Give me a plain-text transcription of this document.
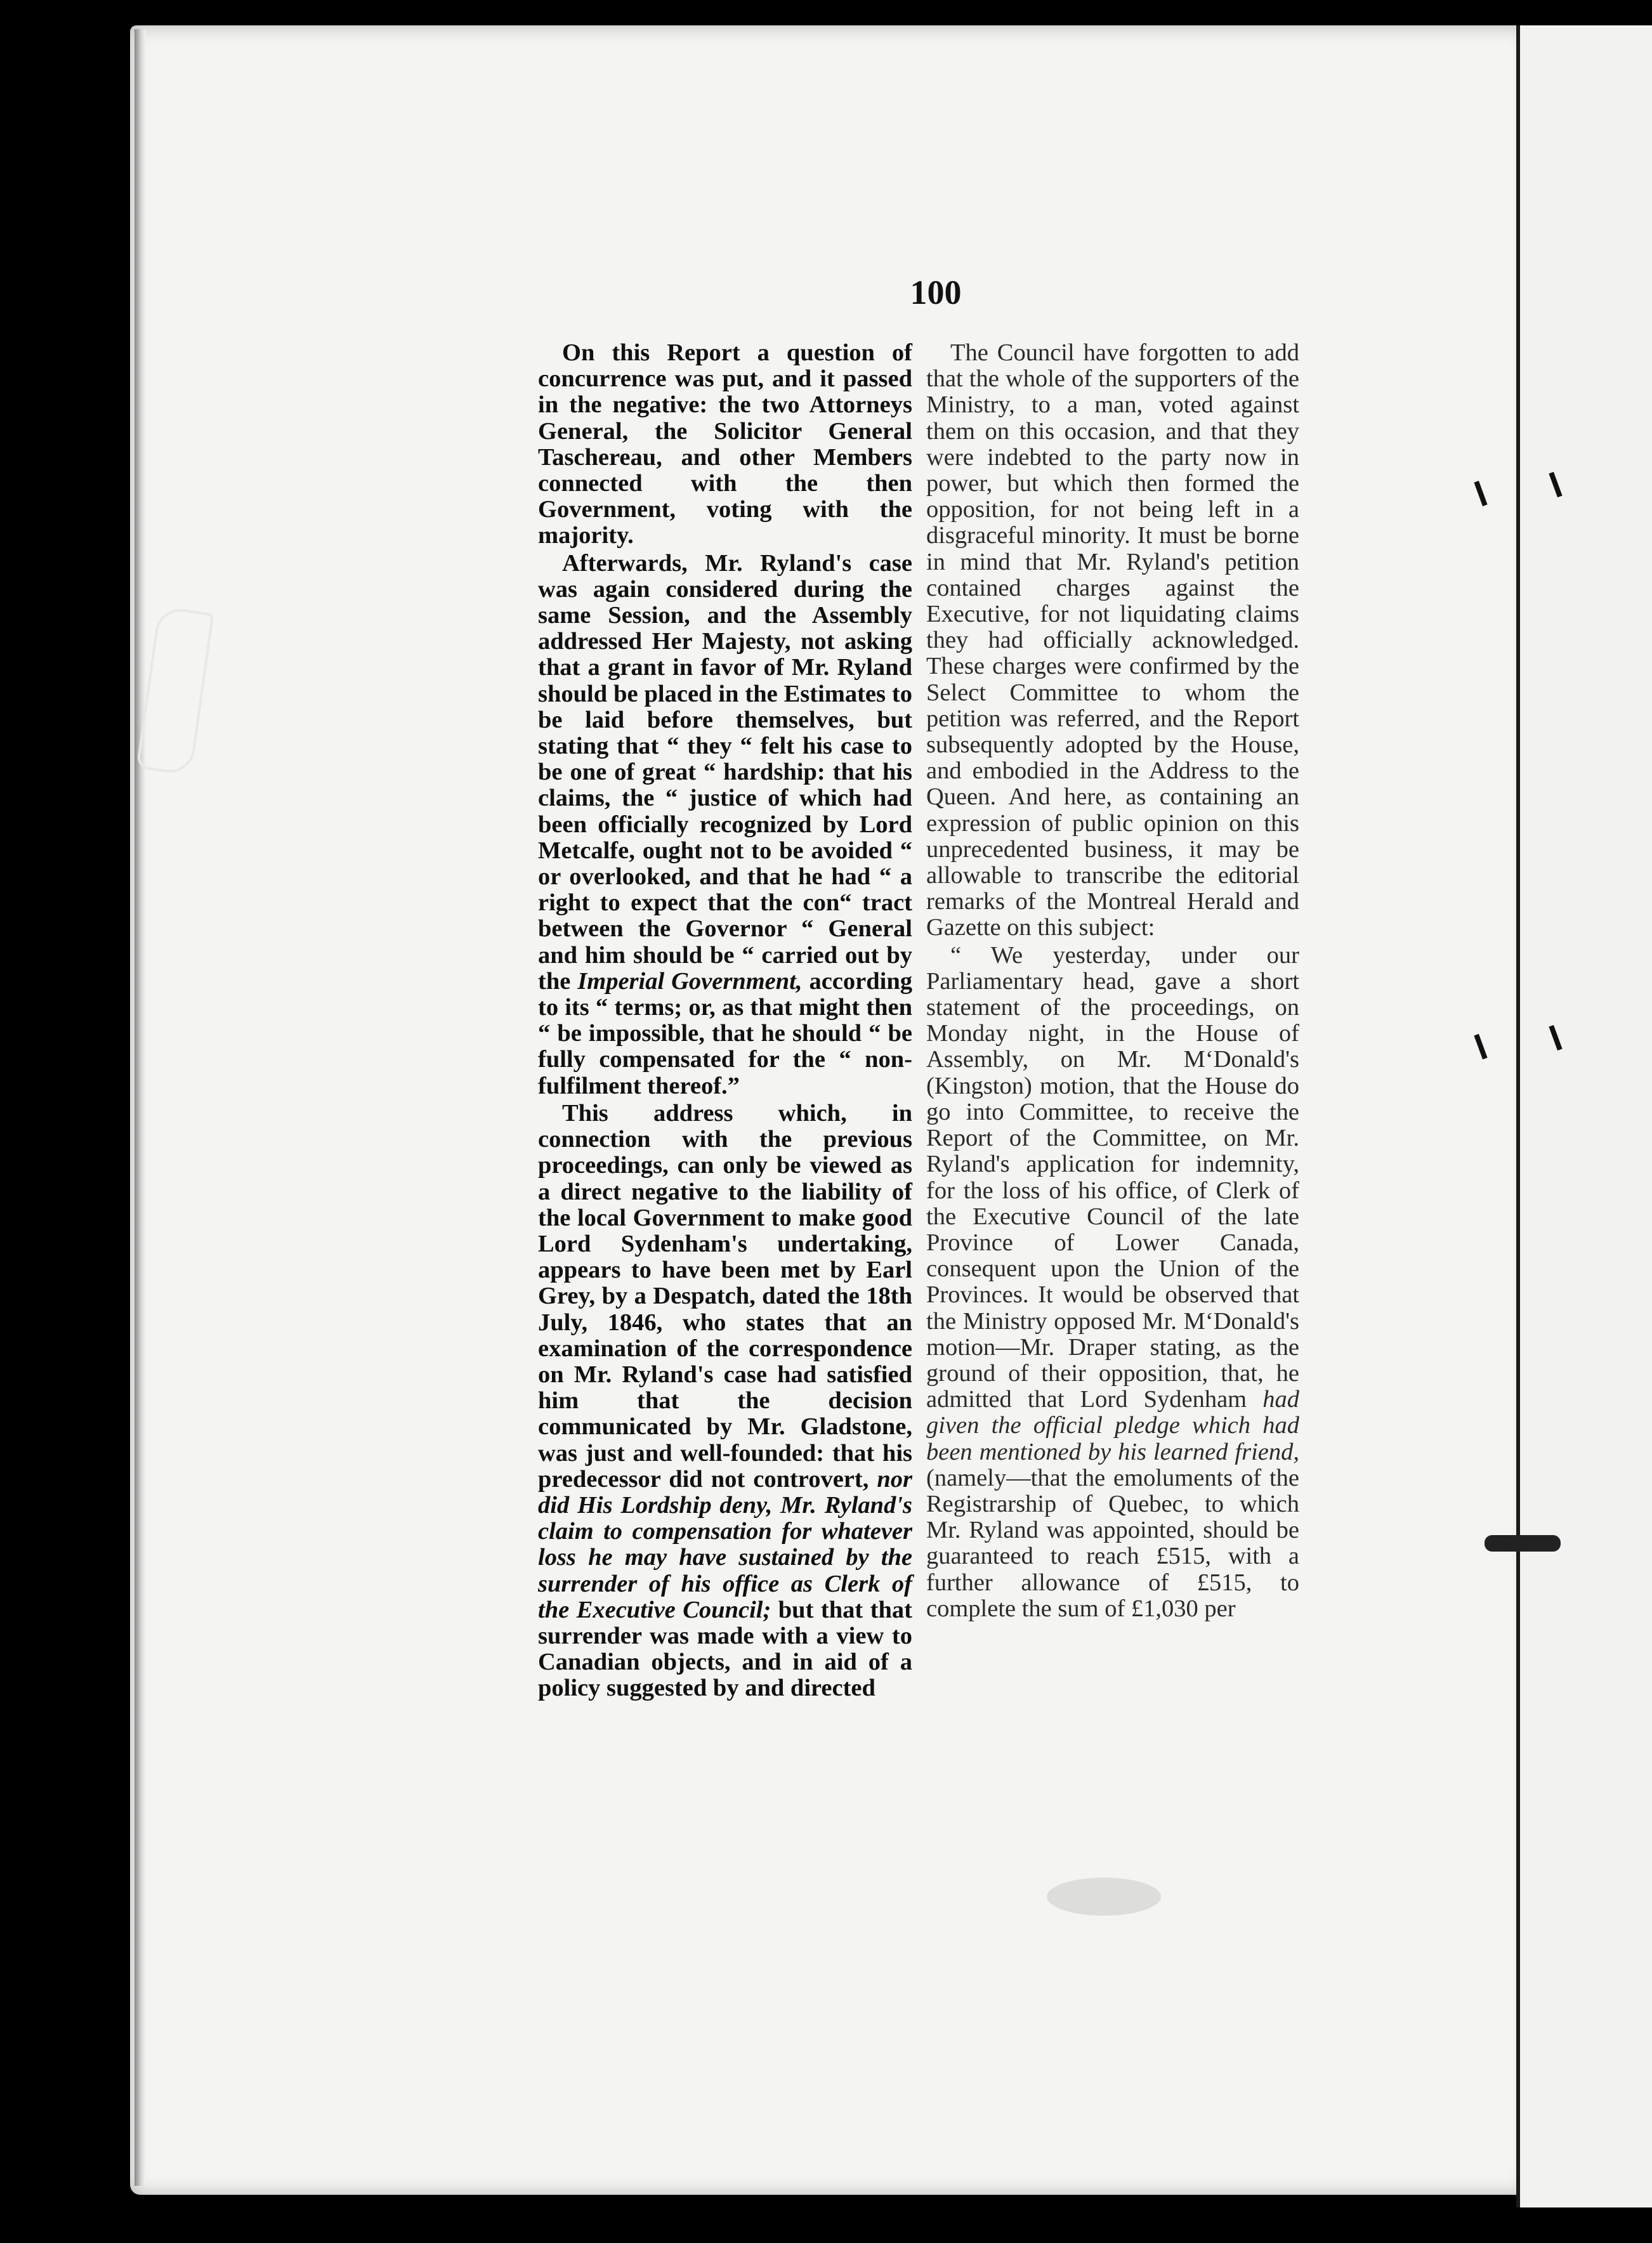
100

On this Report a question of concurrence was put, and it passed in the negative: the two Attorneys General, the Solicitor General Taschereau, and other Members connected with the then Government, voting with the majority.

Afterwards, Mr. Ryland's case was again considered during the same Session, and the Assembly addressed Her Majesty, not asking that a grant in favor of Mr. Ryland should be placed in the Estimates to be laid before themselves, but stating that “ they “ felt his case to be one of great “ hardship: that his claims, the “ justice of which had been officially recognized by Lord Metcalfe, ought not to be avoided “ or overlooked, and that he had “ a right to expect that the con“ tract between the Governor “ General and him should be “ carried out by the Imperial Government, according to its “ terms; or, as that might then “ be impossible, that he should “ be fully compensated for the “ non-fulfilment thereof.”

This address which, in connection with the previous proceedings, can only be viewed as a direct negative to the liability of the local Government to make good Lord Sydenham's undertaking, appears to have been met by Earl Grey, by a Despatch, dated the 18th July, 1846, who states that an examination of the correspondence on Mr. Ryland's case had satisfied him that the decision communicated by Mr. Gladstone, was just and well-founded: that his predecessor did not controvert, nor did His Lordship deny, Mr. Ryland's claim to compensation for whatever loss he may have sustained by the surrender of his office as Clerk of the Executive Council; but that that surrender was made with a view to Canadian objects, and in aid of a policy suggested by and directed

The Council have forgotten to add that the whole of the supporters of the Ministry, to a man, voted against them on this occasion, and that they were indebted to the party now in power, but which then formed the opposition, for not being left in a disgraceful minority. It must be borne in mind that Mr. Ryland's petition contained charges against the Executive, for not liquidating claims they had officially acknowledged. These charges were confirmed by the Select Committee to whom the petition was referred, and the Report subsequently adopted by the House, and embodied in the Address to the Queen. And here, as containing an expression of public opinion on this unprecedented business, it may be allowable to transcribe the editorial remarks of the Montreal Herald and Gazette on this subject:

“ We yesterday, under our Parliamentary head, gave a short statement of the proceedings, on Monday night, in the House of Assembly, on Mr. M‘Donald's (Kingston) motion, that the House do go into Committee, to receive the Report of the Committee, on Mr. Ryland's application for indemnity, for the loss of his office, of Clerk of the Executive Council of the late Province of Lower Canada, consequent upon the Union of the Provinces. It would be observed that the Ministry opposed Mr. M‘Donald's motion—Mr. Draper stating, as the ground of their opposition, that, he admitted that Lord Sydenham had given the official pledge which had been mentioned by his learned friend, (namely—that the emoluments of the Registrarship of Quebec, to which Mr. Ryland was appointed, should be guaranteed to reach £515, with a further allowance of £515, to complete the sum of £1,030 per
